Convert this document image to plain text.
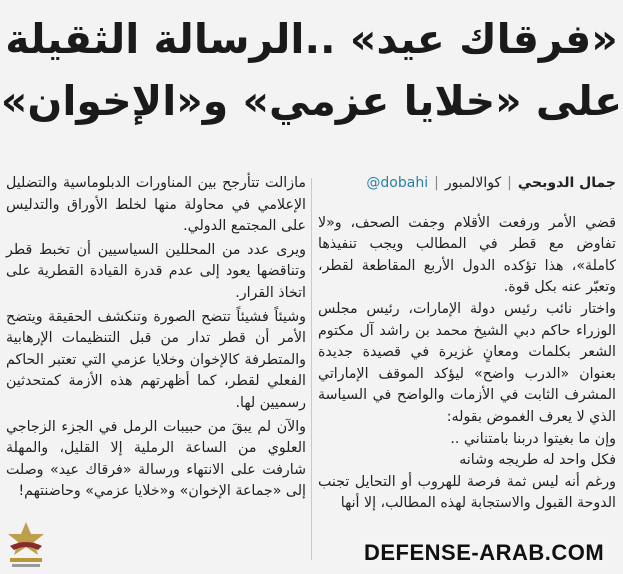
«فرقاك عيد» ..الرسالة الثقيلة
على «خلايا عزمي» و«الإخوان»
جمال الدوبحي
|
كوالالمبور
|
@dobahi

قضي الأمر ورفعت الأقلام وجفت الصحف، و«لا تفاوض مع قطر في المطالب ويجب تنفيذها كاملة»، هذا تؤكده الدول الأربع المقاطعة لقطر، وتعبّر عنه بكل قوة.

واختار نائب رئيس دولة الإمارات، رئيس مجلس الوزراء حاكم دبي الشيخ محمد بن راشد آل مكتوم الشعر بكلمات ومعانٍ غزيرة في قصيدة جديدة بعنوان «الدرب واضح» ليؤكد الموقف الإماراتي المشرف الثابت في الأزمات والواضح في السياسة الذي لا يعرف الغموض بقوله:

وإن ما بغيتوا دربنا بامتناني ..

فكل واحد له طريجه وشانه

ورغم أنه ليس ثمة فرصة للهروب أو التحايل تجنب الدوحة القبول والاستجابة لهذه المطالب، إلا أنها

مازالت تتأرجح بين المناورات الدبلوماسية والتضليل الإعلامي في محاولة منها لخلط الأوراق والتدليس على المجتمع الدولي.

ويرى عدد من المحللين السياسيين أن تخبط قطر وتناقضها يعود إلى عدم قدرة القيادة القطرية على اتخاذ القرار.

وشيئاً فشيئاً تتضح الصورة وتنكشف الحقيقة ويتضح الأمر أن قطر تدار من قبل التنظيمات الإرهابية والمتطرفة كالإخوان وخلايا عزمي التي تعتبر الحاكم الفعلي لقطر، كما أظهرتهم هذه الأزمة كمتحدثين رسميين لها.

والآن لم يبقَ من حبيبات الرمل في الجزء الزجاجي العلوي من الساعة الرملية إلا القليل، والمهلة شارفت على الانتهاء ورسالة «فرقاك عيد» وصلت إلى «جماعة الإخوان» و«خلايا عزمي» وحاضنتهم!

DEFENSE-ARAB.COM
